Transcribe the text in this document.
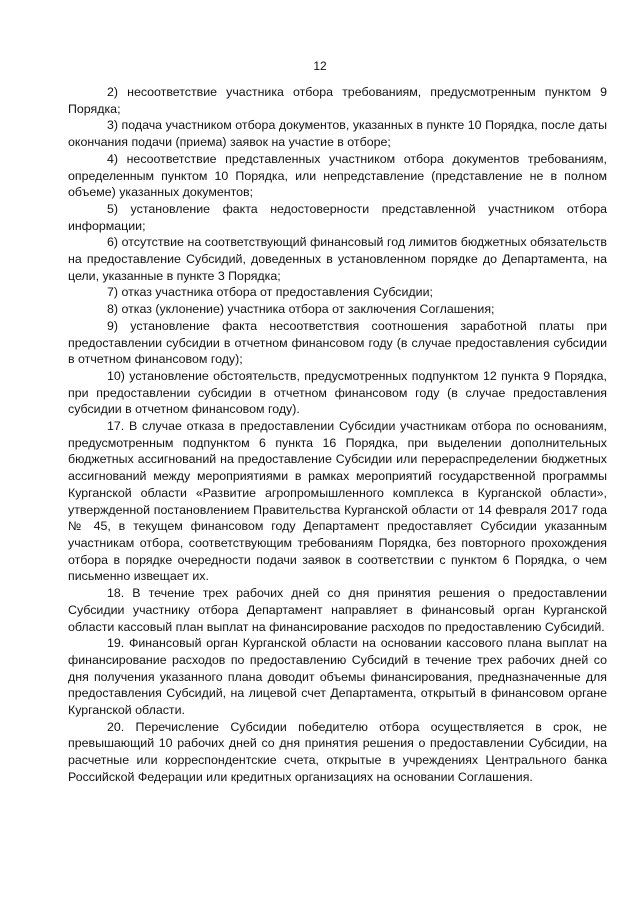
12

2) несоответствие участника отбора требованиям, предусмотренным пунктом 9 Порядка;

3) подача участником отбора документов, указанных в пункте 10 Порядка, после даты окончания подачи (приема) заявок на участие в отборе;

4) несоответствие представленных участником отбора документов требованиям, определенным пунктом 10 Порядка, или непредставление (представление не в полном объеме) указанных документов;

5) установление факта недостоверности представленной участником отбора информации;

6) отсутствие на соответствующий финансовый год лимитов бюджетных обязательств на предоставление Субсидий, доведенных в установленном порядке до Департамента, на цели, указанные в пункте 3 Порядка;

7) отказ участника отбора от предоставления Субсидии;

8) отказ (уклонение) участника отбора от заключения Соглашения;

9) установление факта несоответствия соотношения заработной платы при предоставлении субсидии в отчетном финансовом году (в случае предоставления субсидии в отчетном финансовом году);

10) установление обстоятельств, предусмотренных подпунктом 12 пункта 9 Порядка, при предоставлении субсидии в отчетном финансовом году (в случае предоставления субсидии в отчетном финансовом году).

17. В случае отказа в предоставлении Субсидии участникам отбора по основаниям, предусмотренным подпунктом 6 пункта 16 Порядка, при выделении дополнительных бюджетных ассигнований на предоставление Субсидии или перераспределении бюджетных ассигнований между мероприятиями в рамках мероприятий государственной программы Курганской области «Развитие агропромышленного комплекса в Курганской области», утвержденной постановлением Правительства Курганской области от 14 февраля 2017 года № 45, в текущем финансовом году Департамент предоставляет Субсидии указанным участникам отбора, соответствующим требованиям Порядка, без повторного прохождения отбора в порядке очередности подачи заявок в соответствии с пунктом 6 Порядка, о чем письменно извещает их.

18. В течение трех рабочих дней со дня принятия решения о предоставлении Субсидии участнику отбора Департамент направляет в финансовый орган Курганской области кассовый план выплат на финансирование расходов по предоставлению Субсидий.

19. Финансовый орган Курганской области на основании кассового плана выплат на финансирование расходов по предоставлению Субсидий в течение трех рабочих дней со дня получения указанного плана доводит объемы финансирования, предназначенные для предоставления Субсидий, на лицевой счет Департамента, открытый в финансовом органе Курганской области.

20. Перечисление Субсидии победителю отбора осуществляется в срок, не превышающий 10 рабочих дней со дня принятия решения о предоставлении Субсидии, на расчетные или корреспондентские счета, открытые в учреждениях Центрального банка Российской Федерации или кредитных организациях на основании Соглашения.
